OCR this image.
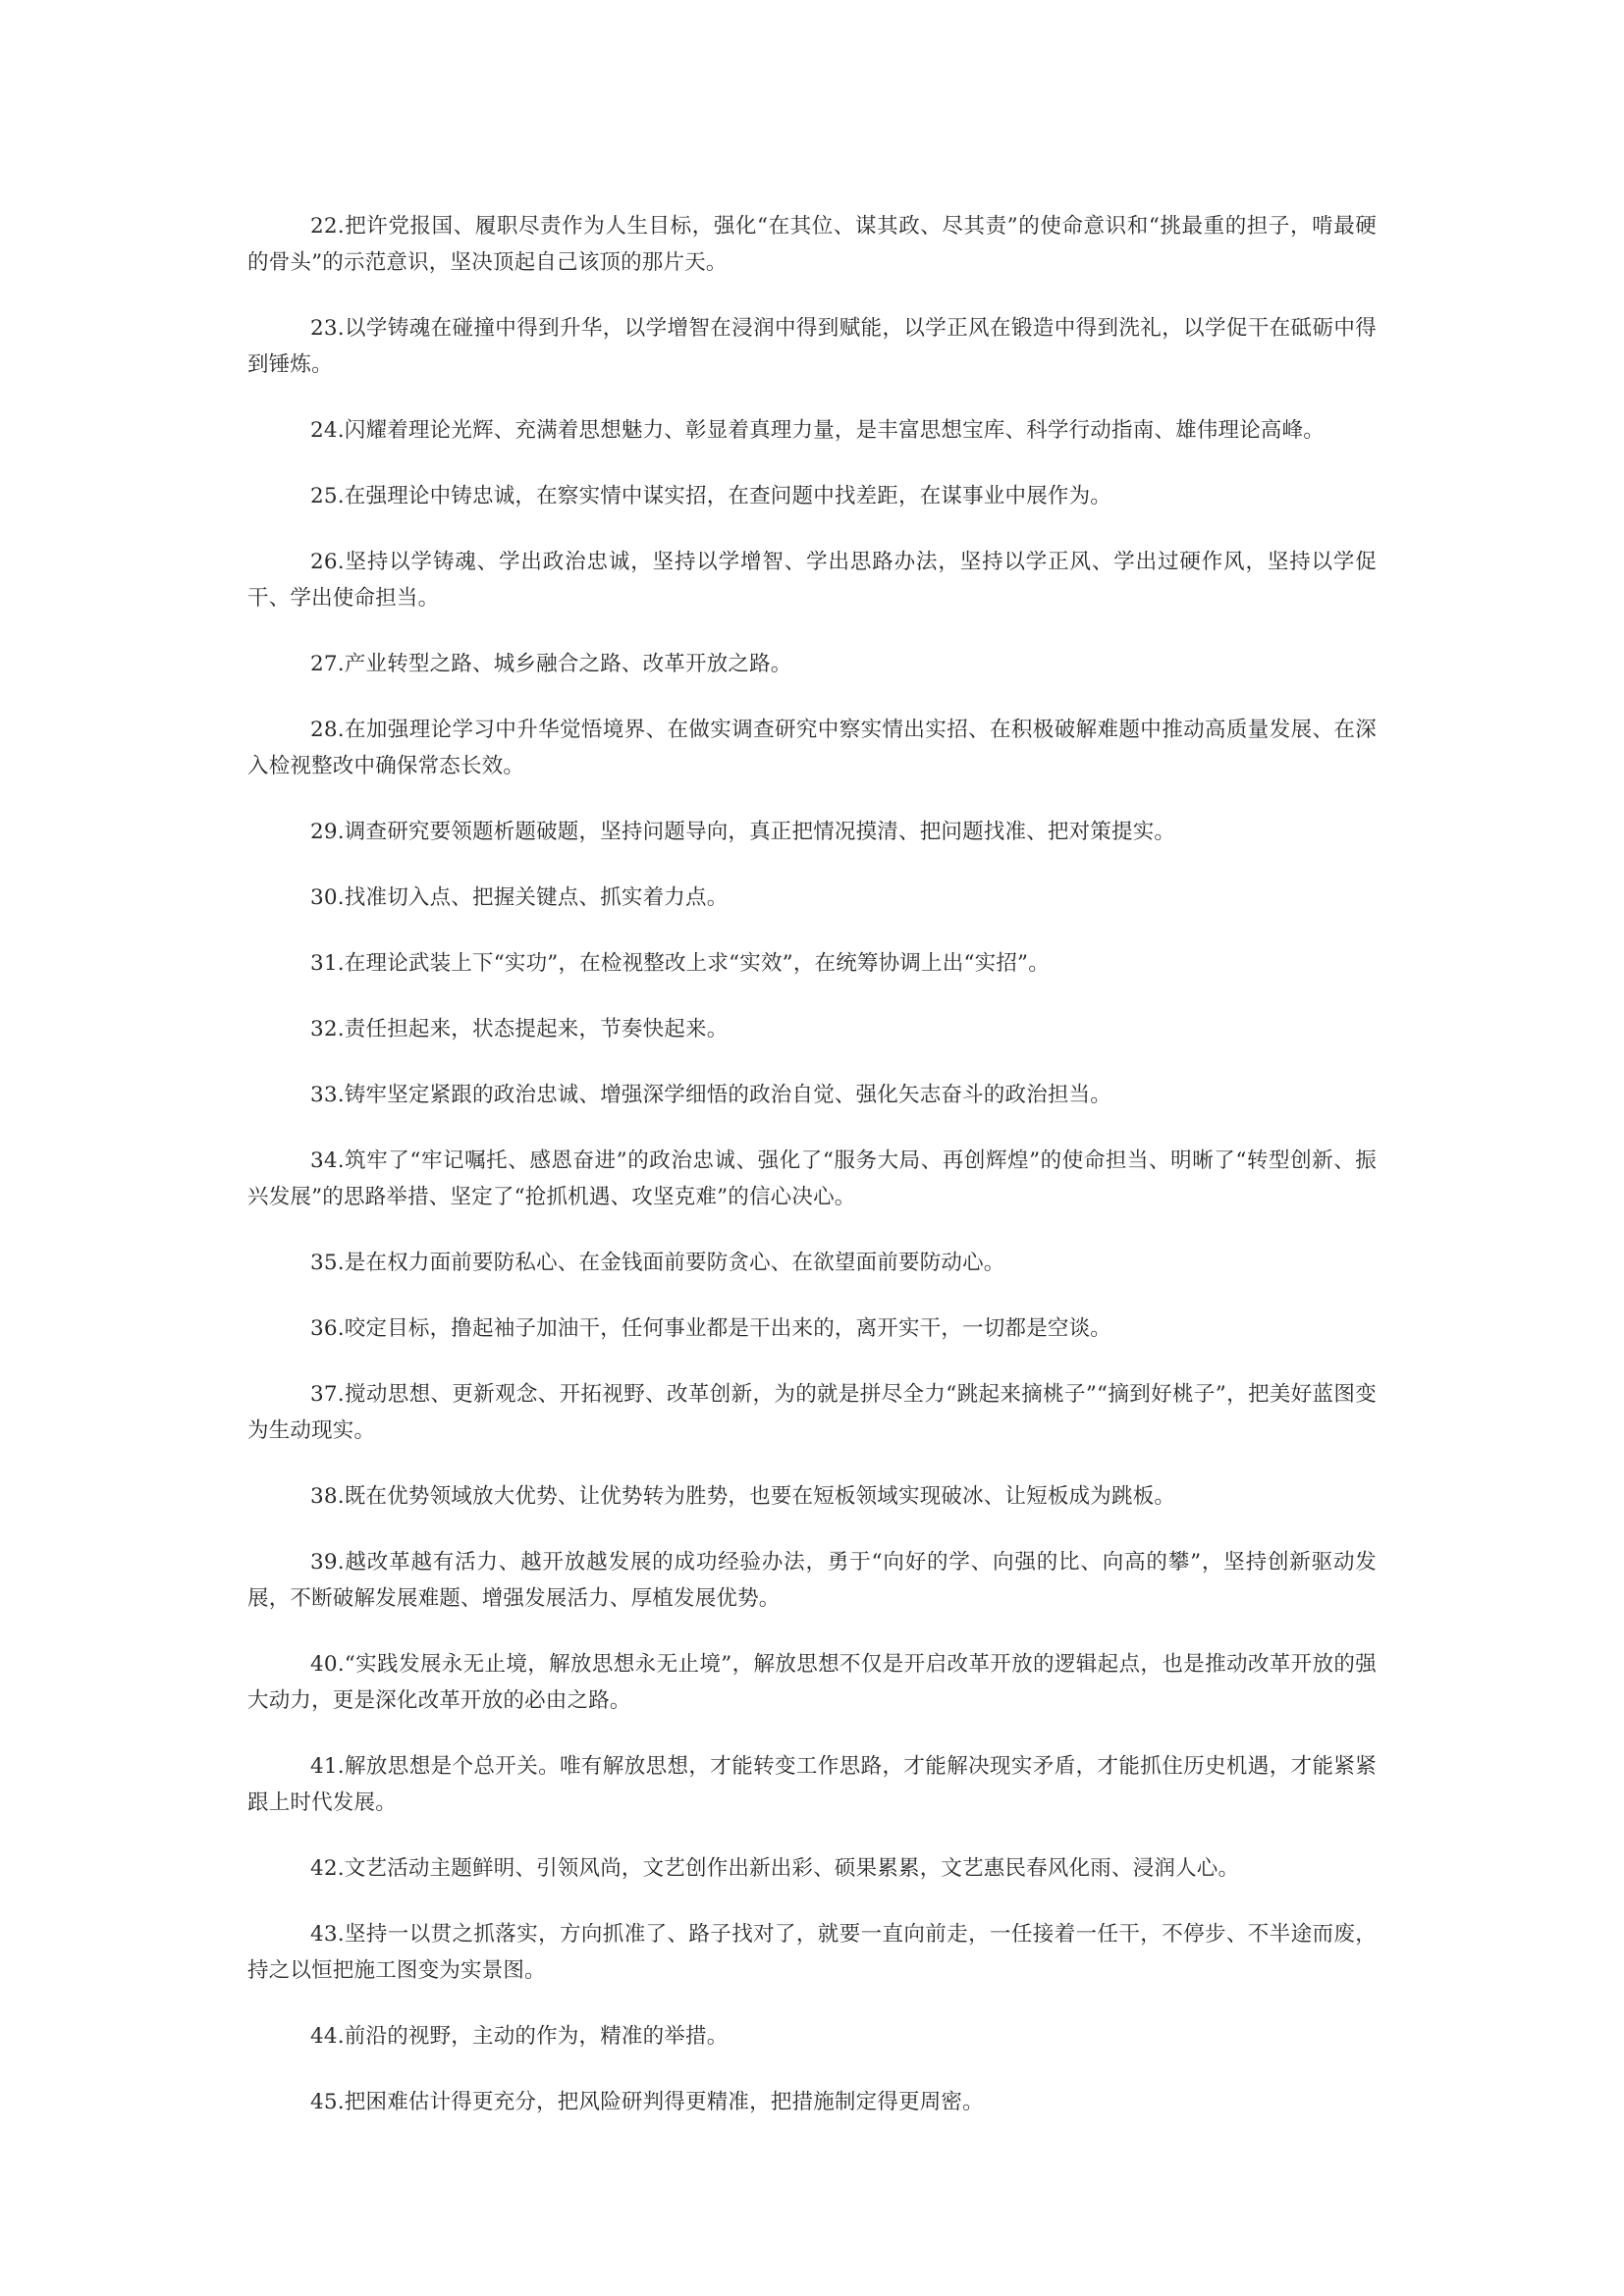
22.把许党报国、履职尽责作为人生目标，强化“在其位、谋其政、尽其责”的使命意识和“挑最重的担子，啃最硬的骨头”的示范意识，坚决顶起自己该顶的那片天。

23.以学铸魂在碰撞中得到升华，以学增智在浸润中得到赋能，以学正风在锻造中得到洗礼，以学促干在砥砺中得到锤炼。

24.闪耀着理论光辉、充满着思想魅力、彰显着真理力量，是丰富思想宝库、科学行动指南、雄伟理论高峰。

25.在强理论中铸忠诚，在察实情中谋实招，在查问题中找差距，在谋事业中展作为。

26.坚持以学铸魂、学出政治忠诚，坚持以学增智、学出思路办法，坚持以学正风、学出过硬作风，坚持以学促干、学出使命担当。

27.产业转型之路、城乡融合之路、改革开放之路。

28.在加强理论学习中升华觉悟境界、在做实调查研究中察实情出实招、在积极破解难题中推动高质量发展、在深入检视整改中确保常态长效。

29.调查研究要领题析题破题，坚持问题导向，真正把情况摸清、把问题找准、把对策提实。

30.找准切入点、把握关键点、抓实着力点。

31.在理论武装上下“实功”，在检视整改上求“实效”，在统筹协调上出“实招”。

32.责任担起来，状态提起来，节奏快起来。

33.铸牢坚定紧跟的政治忠诚、增强深学细悟的政治自觉、强化矢志奋斗的政治担当。

34.筑牢了“牢记嘱托、感恩奋进”的政治忠诚、强化了“服务大局、再创辉煌”的使命担当、明晰了“转型创新、振兴发展”的思路举措、坚定了“抢抓机遇、攻坚克难”的信心决心。

35.是在权力面前要防私心、在金钱面前要防贪心、在欲望面前要防动心。

36.咬定目标，撸起袖子加油干，任何事业都是干出来的，离开实干，一切都是空谈。

37.搅动思想、更新观念、开拓视野、改革创新，为的就是拼尽全力“跳起来摘桃子”“摘到好桃子”，把美好蓝图变为生动现实。

38.既在优势领域放大优势、让优势转为胜势，也要在短板领域实现破冰、让短板成为跳板。

39.越改革越有活力、越开放越发展的成功经验办法，勇于“向好的学、向强的比、向高的攀”，坚持创新驱动发展，不断破解发展难题、增强发展活力、厚植发展优势。

40.“实践发展永无止境，解放思想永无止境”，解放思想不仅是开启改革开放的逻辑起点，也是推动改革开放的强大动力，更是深化改革开放的必由之路。

41.解放思想是个总开关。唯有解放思想，才能转变工作思路，才能解决现实矛盾，才能抓住历史机遇，才能紧紧跟上时代发展。

42.文艺活动主题鲜明、引领风尚，文艺创作出新出彩、硕果累累，文艺惠民春风化雨、浸润人心。

43.坚持一以贯之抓落实，方向抓准了、路子找对了，就要一直向前走，一任接着一任干，不停步、不半途而废，持之以恒把施工图变为实景图。

44.前沿的视野，主动的作为，精准的举措。

45.把困难估计得更充分，把风险研判得更精准，把措施制定得更周密。
